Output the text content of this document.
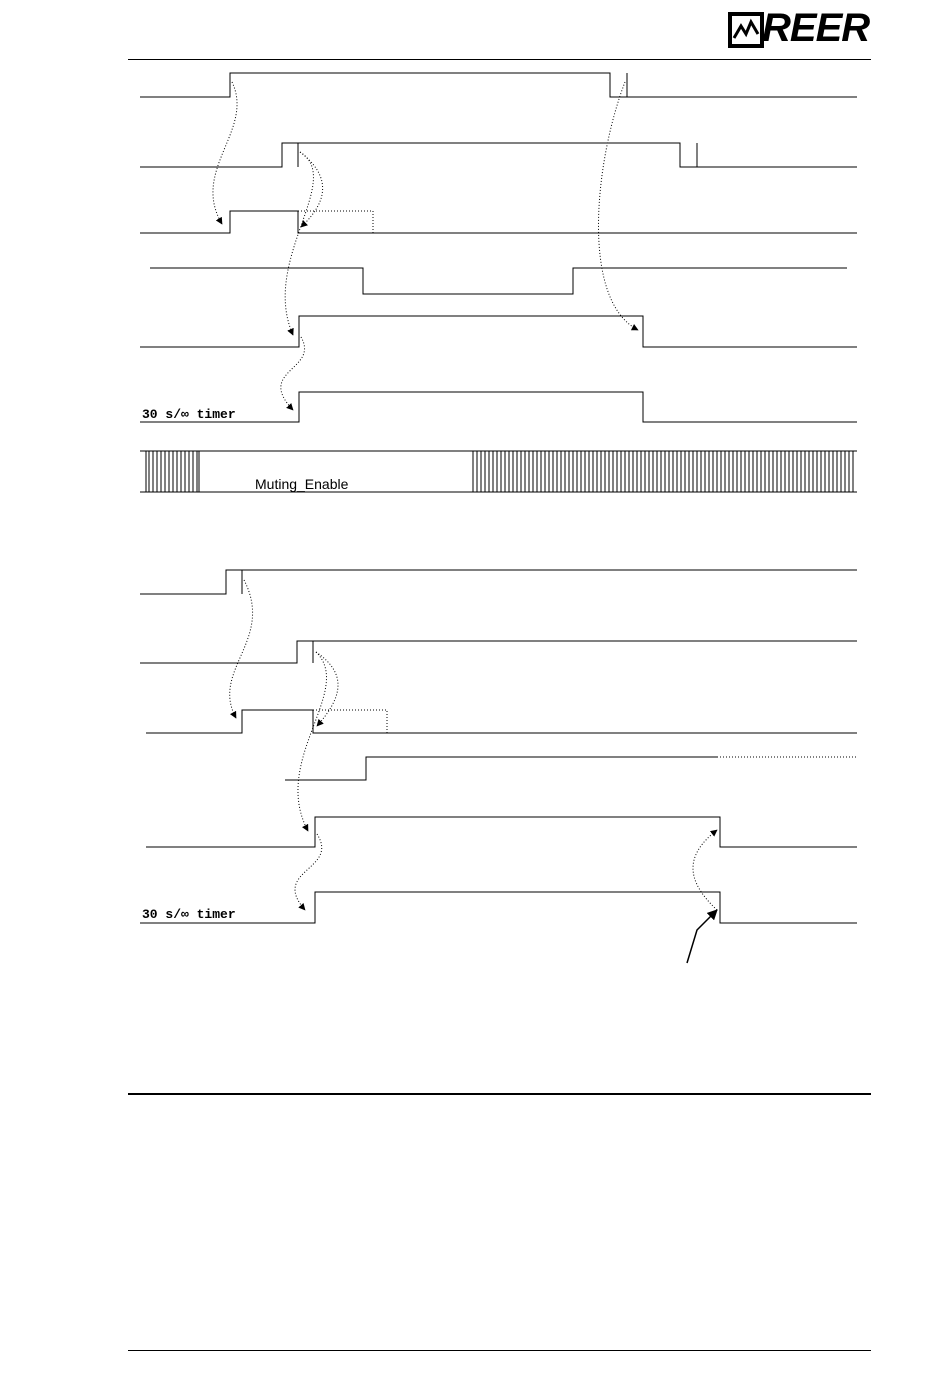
REER
30 s/∞ timer
Muting_Enable
30 s/∞ timer
